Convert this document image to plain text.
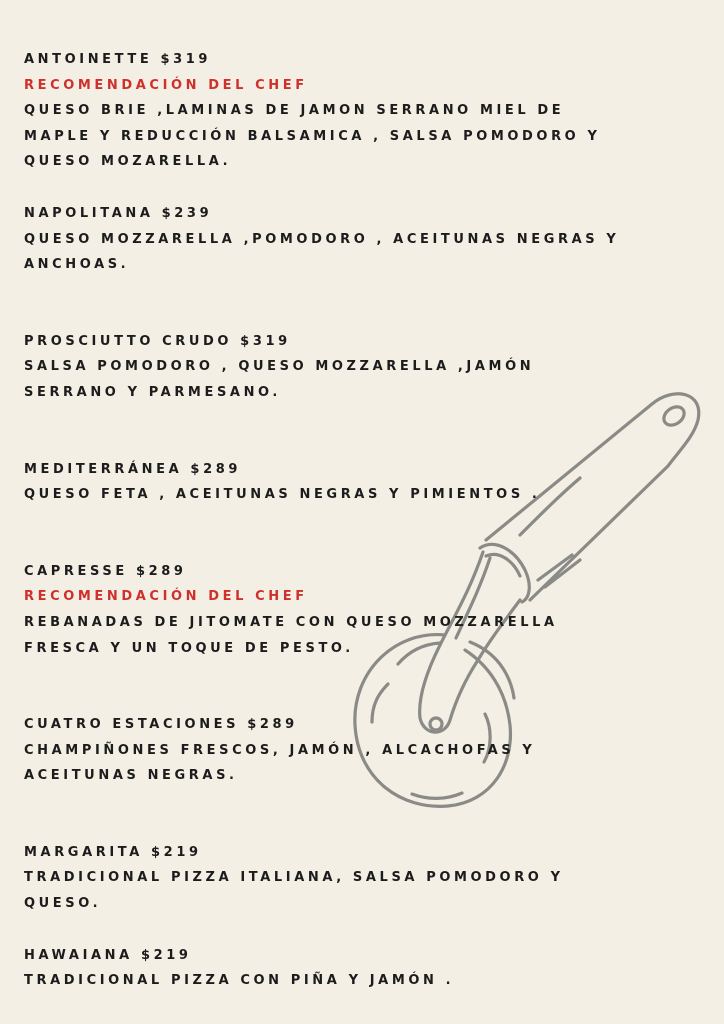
ANTOINETTE $319
RECOMENDACIÓN DEL CHEF
QUESO BRIE ,LAMINAS DE JAMON SERRANO MIEL DE
MAPLE Y REDUCCIÓN BALSAMICA , SALSA POMODORO Y
QUESO MOZARELLA.
NAPOLITANA $239
QUESO MOZZARELLA ,POMODORO , ACEITUNAS NEGRAS Y
ANCHOAS.
PROSCIUTTO CRUDO $319
SALSA POMODORO , QUESO MOZZARELLA ,JAMÓN
SERRANO Y PARMESANO.
MEDITERRÁNEA $289
QUESO FETA , ACEITUNAS NEGRAS Y PIMIENTOS .
CAPRESSE $289
RECOMENDACIÓN DEL CHEF
REBANADAS DE JITOMATE CON QUESO MOZZARELLA
FRESCA Y UN TOQUE DE PESTO.
CUATRO ESTACIONES $289
CHAMPIÑONES FRESCOS, JAMÓN , ALCACHOFAS Y
ACEITUNAS NEGRAS.
MARGARITA $219
TRADICIONAL PIZZA ITALIANA, SALSA POMODORO Y
QUESO.
HAWAIANA $219
TRADICIONAL PIZZA CON PIÑA Y JAMÓN .
